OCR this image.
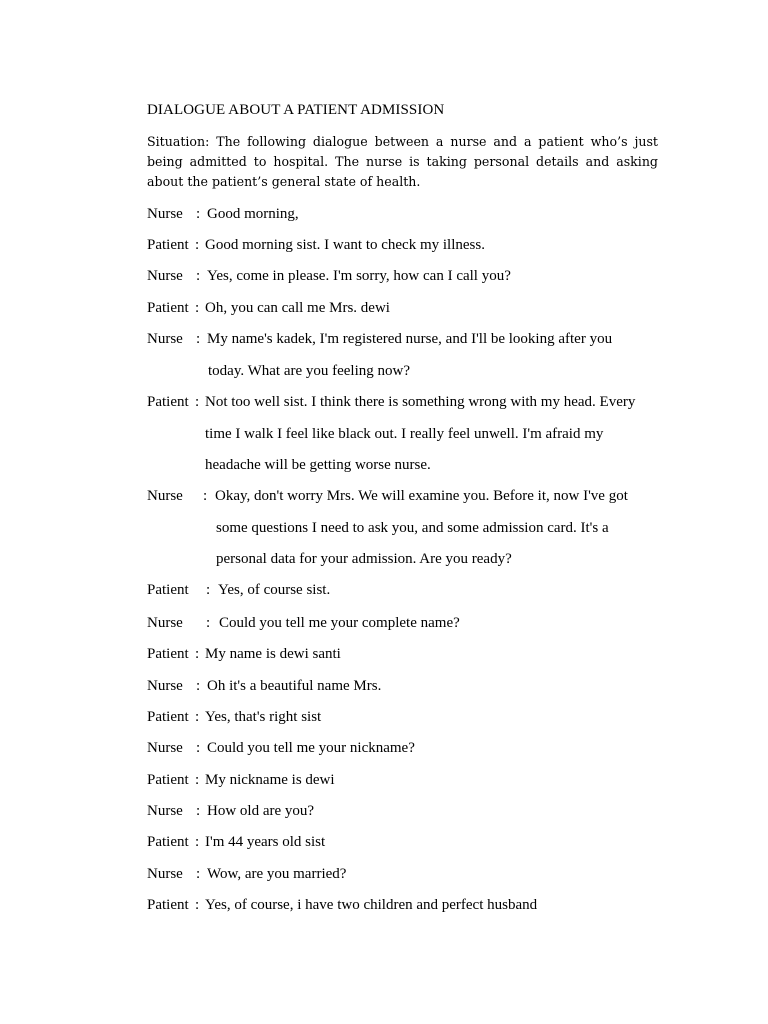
DIALOGUE ABOUT A PATIENT ADMISSION
Situation: The following dialogue between a nurse and a patient who’s just being admitted to hospital. The nurse is taking personal details and asking about the patient’s general state of health.
Nurse : Good morning,
Patient : Good morning sist. I want to check my illness.
Nurse : Yes, come in please. I'm sorry, how can I call you?
Patient : Oh, you can call me Mrs. dewi
Nurse : My name's kadek, I'm registered nurse, and I'll be looking after you
today. What are you feeling now?
Patient : Not too well sist. I think there is something wrong with my head. Every
time I walk I feel like black out. I really feel unwell. I'm afraid my
headache will be getting worse nurse.
Nurse : Okay, don't worry Mrs. We will examine you. Before it, now I've got
some questions I need to ask you, and some admission card. It's a
personal data for your admission. Are you ready?
Patient : Yes, of course sist.
Nurse : Could you tell me your complete name?
Patient : My name is dewi santi
Nurse : Oh it's a beautiful name Mrs.
Patient : Yes, that's right sist
Nurse : Could you tell me your nickname?
Patient : My nickname is dewi
Nurse : How old are you?
Patient : I'm 44 years old sist
Nurse : Wow, are you married?
Patient : Yes, of course, i have two children and perfect husband
